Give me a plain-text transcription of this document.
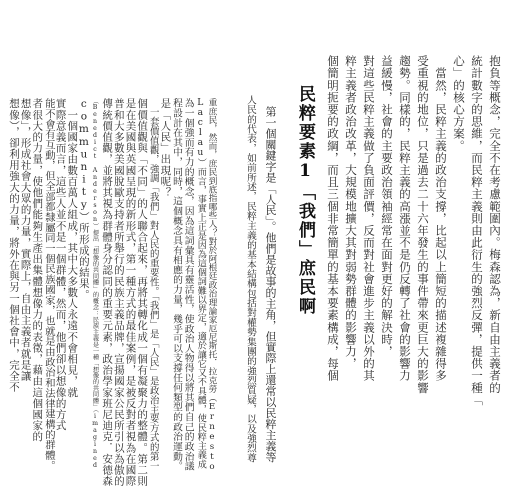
抱負等概念，完全不在考慮範圍內。梅森認為，新自由主義者的
統計數字的思維，而民粹主義則由此衍生的強烈反彈，提供一種「
心」的核心方案。
　當然，民粹主義的政治支撐，比起以上簡短的描述複雜得多
受重視的地位，只是過去二十六年發生的事件帶來更巨大的影響
趨勢。同樣的，民粹主義的高漲並不是仍反轉了社會的影響力
益緩慢，社會的主要政治領袖經常在面對更好的解決時，
對這些民粹主義做了負面評價，反而對社會進步主義以外的其
粹主義者政治改革，大規模地擴大其對弱勢群體的影響力，
個簡明扼要的政綱，而且三個非常簡單的基本要素構成，每個
民粹要素1「我們」庶民啊
　第一個關鍵字是「人民」。他們是故事的主角，但實際上還常以民粹主義等
人民的代表，如前所述，民粹主義的基本結構包括對權勢集團的強烈質疑，以及強烈尊
重庶民，然而，庶民到底指哪些人？對於阿根廷政治理論家厄尼斯托．拉克勞（Ernesto
Laclau）而言，事實上正是因為這個詞難以界定，適於讓它又不具體，使民粹主義成
為一個強而有力的概念，因為這詞彙具有靈活性，使政治人物得以將其們自己的政治議
程設計在其中，同時，這個概念具有相應的力量，幾乎可以支撐任何類型的政治運動。
是「人民」出現呢？
　一套價值觀，強調「我們」對人民的重要性。「我們」是「人民」是政治主要方式的第一
個價值觀與「不同」的人聯合起來，再將其轉化成一個有凝聚力的整體。第二則
是在美國與英國呈現的新形式，第一種方式的最佳案例，是被反對者視為在國際
普和大多數美國脫歐支持者所舉行的民族主義品牌，宣揚國家公民所引以為傲的
傳統價值觀，並將其視為群體身分認同的重要元素，政治學家班尼迪克．安德森
（Benedict Anderson）提出「想像的共同體」的概念：民族主義是一種「想像的共同體」（imagined
community）所形成的結果。
　一個國家由數百萬人組成，其中大多數人永遠不會相見，就
實際意義而言，這些人並不是一個群體，然而，他們卻以想像的方式
能不會有互動，但全部都隸屬同一個民族國家，也就是由政治和法律建構的群體。
者很大的力量，使他們能夠生產出集體想像力的表徵，藉由這個國家的
想像」，形成社會大眾的力量，實際上，自由主義者就是讓
想像），卻利用強大的力量，將外在與另一個社會中，完全不
